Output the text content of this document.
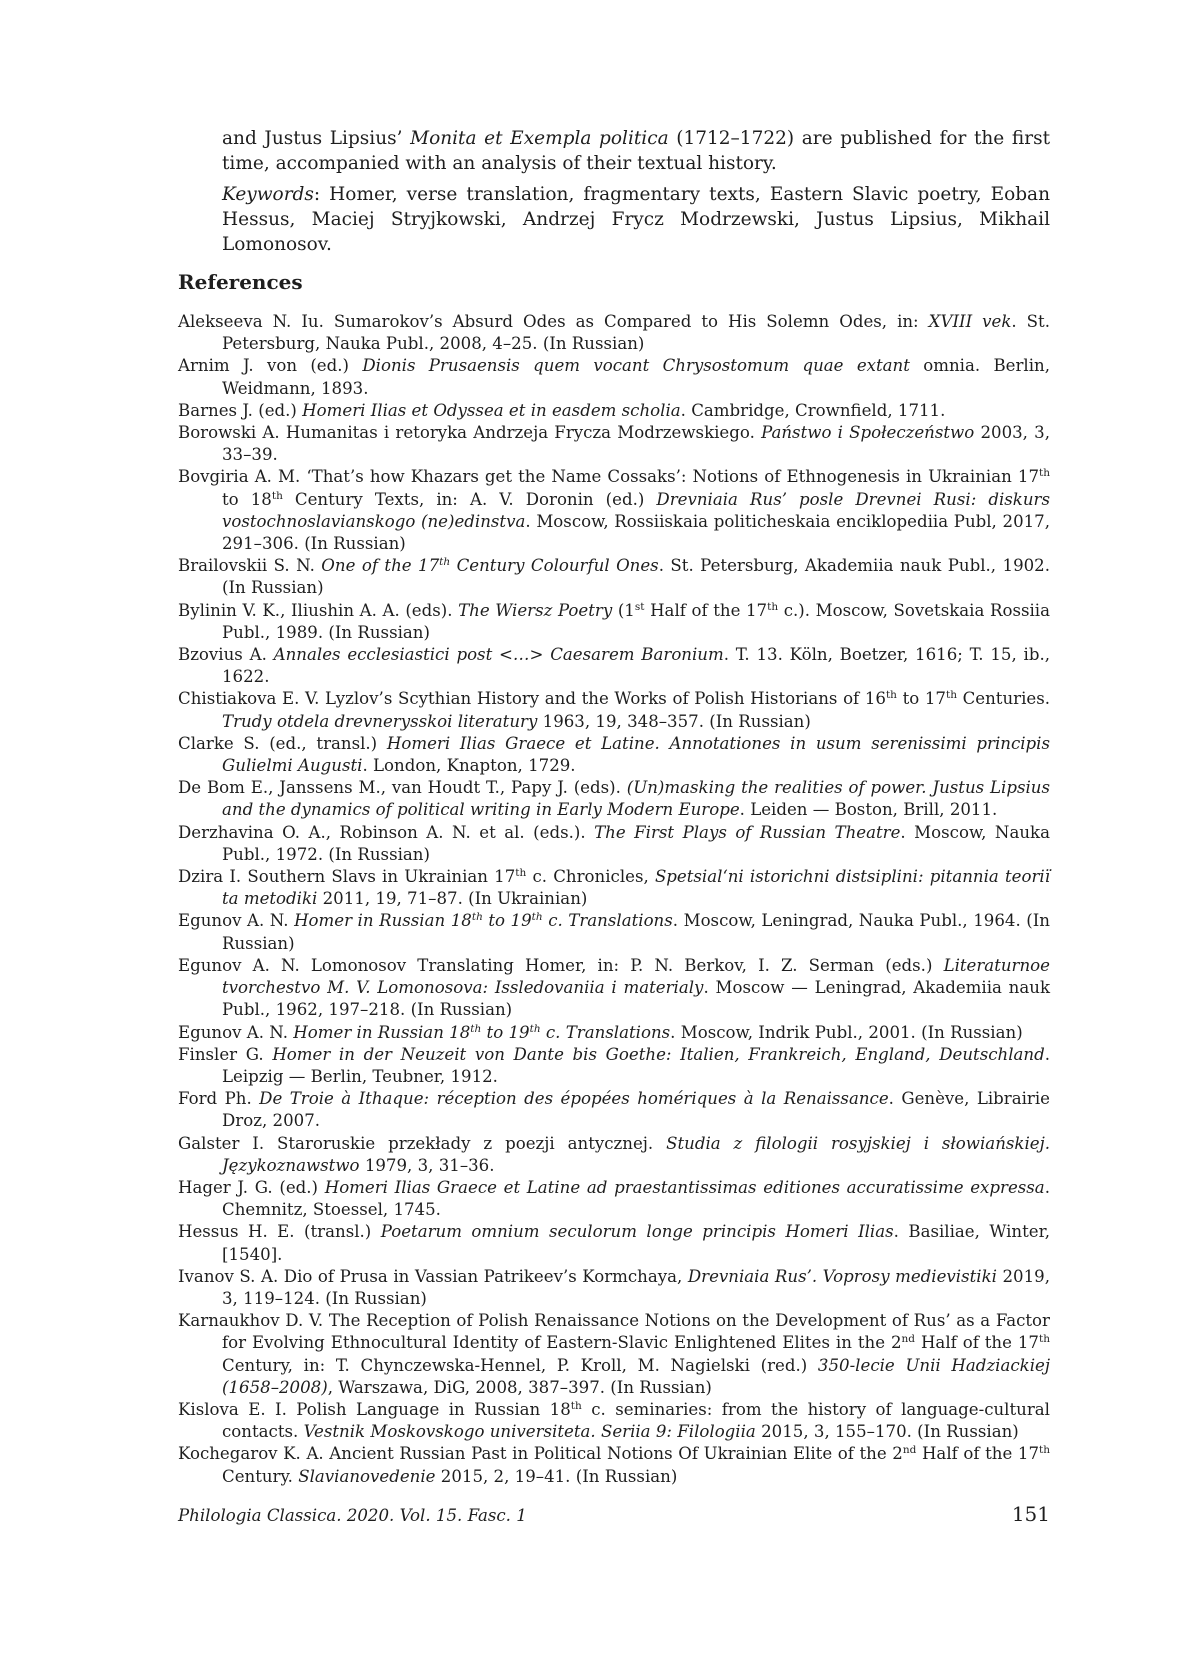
and Justus Lipsius’ Monita et Exempla politica (1712–1722) are published for the first time, accompanied with an analysis of their textual history.

Keywords: Homer, verse translation, fragmentary texts, Eastern Slavic poetry, Eoban Hessus, Maciej Stryjkowski, Andrzej Frycz Modrzewski, Justus Lipsius, Mikhail Lomonosov.

References

Alekseeva N. Iu. Sumarokov’s Absurd Odes as Compared to His Solemn Odes, in: XVIII vek. St. Petersburg, Nauka Publ., 2008, 4–25. (In Russian)

Arnim J. von (ed.) Dionis Prusaensis quem vocant Chrysostomum quae extant omnia. Berlin, Weidmann, 1893.

Barnes J. (ed.) Homeri Ilias et Odyssea et in easdem scholia. Cambridge, Crownfield, 1711.

Borowski A. Humanitas i retoryka Andrzeja Frycza Modrzewskiego. Państwo i Społeczeństwo 2003, 3, 33–39.

Bovgiria A. M. ‘That’s how Khazars get the Name Cossaks’: Notions of Ethnogenesis in Ukrainian 17th to 18th Century Texts, in: A. V. Doronin (ed.) Drevniaia Rus’ posle Drevnei Rusi: diskurs vostochnoslavianskogo (ne)edinstva. Moscow, Rossiiskaia politicheskaia enciklopediia Publ, 2017, 291–306. (In Russian)

Brailovskii S. N. One of the 17th Century Colourful Ones. St. Petersburg, Akademiia nauk Publ., 1902. (In Russian)

Bylinin V. K., Iliushin A. A. (eds). The Wiersz Poetry (1st Half of the 17th c.). Moscow, Sovetskaia Rossiia Publ., 1989. (In Russian)

Bzovius A. Annales ecclesiastici post <…> Caesarem Baronium. T. 13. Köln, Boetzer, 1616; T. 15, ib., 1622.

Chistiakova E. V. Lyzlov’s Scythian History and the Works of Polish Historians of 16th to 17th Centuries. Trudy otdela drevnerysskoi literatury 1963, 19, 348–357. (In Russian)

Clarke S. (ed., transl.) Homeri Ilias Graece et Latine. Annotationes in usum serenissimi principis Gulielmi Augusti. London, Knapton, 1729.

De Bom E., Janssens M., van Houdt T., Papy J. (eds). (Un)masking the realities of power. Justus Lipsius and the dynamics of political writing in Early Modern Europe. Leiden — Boston, Brill, 2011.

Derzhavina O. A., Robinson A. N. et al. (eds.). The First Plays of Russian Theatre. Moscow, Nauka Publ., 1972. (In Russian)

Dzira I. Southern Slavs in Ukrainian 17th c. Chronicles, Spetsial‘ni istorichni distsiplini: pitannia teoriï ta metodiki 2011, 19, 71–87. (In Ukrainian)

Egunov A. N. Homer in Russian 18th to 19th c. Translations. Moscow, Leningrad, Nauka Publ., 1964. (In Russian)

Egunov A. N. Lomonosov Translating Homer, in: P. N. Berkov, I. Z. Serman (eds.) Literaturnoe tvorchestvo M. V. Lomonosova: Issledovaniia i materialy. Moscow — Leningrad, Akademiia nauk Publ., 1962, 197–218. (In Russian)

Egunov A. N. Homer in Russian 18th to 19th c. Translations. Moscow, Indrik Publ., 2001. (In Russian)

Finsler G. Homer in der Neuzeit von Dante bis Goethe: Italien, Frankreich, England, Deutschland. Leipzig — Berlin, Teubner, 1912.

Ford Ph. De Troie à Ithaque: réception des épopées homériques à la Renaissance. Genève, Librairie Droz, 2007.

Galster I. Staroruskie przekłady z poezji antycznej. Studia z filologii rosyjskiej i słowiańskiej. Językoznawstwo 1979, 3, 31–36.

Hager J. G. (ed.) Homeri Ilias Graece et Latine ad praestantissimas editiones accuratissime expressa. Chemnitz, Stoessel, 1745.

Hessus H. E. (transl.) Poetarum omnium seculorum longe principis Homeri Ilias. Basiliae, Winter, [1540].

Ivanov S. A. Dio of Prusa in Vassian Patrikeev’s Kormchaya, Drevniaia Rus’. Voprosy medievistiki 2019, 3, 119–124. (In Russian)

Karnaukhov D. V. The Reception of Polish Renaissance Notions on the Development of Rus’ as a Factor for Evolving Ethnocultural Identity of Eastern-Slavic Enlightened Elites in the 2nd Half of the 17th Century, in: T. Chynczewska-Hennel, P. Kroll, M. Nagielski (red.) 350-lecie Unii Hadziackiej (1658–2008), Warszawa, DiG, 2008, 387–397. (In Russian)

Kislova E. I. Polish Language in Russian 18th c. seminaries: from the history of language-cultural contacts. Vestnik Moskovskogo universiteta. Seriia 9: Filologiia 2015, 3, 155–170. (In Russian)

Kochegarov K. A. Ancient Russian Past in Political Notions Of Ukrainian Elite of the 2nd Half of the 17th Century. Slavianovedenie 2015, 2, 19–41. (In Russian)

Philologia Classica. 2020. Vol. 15. Fasc. 1	151
